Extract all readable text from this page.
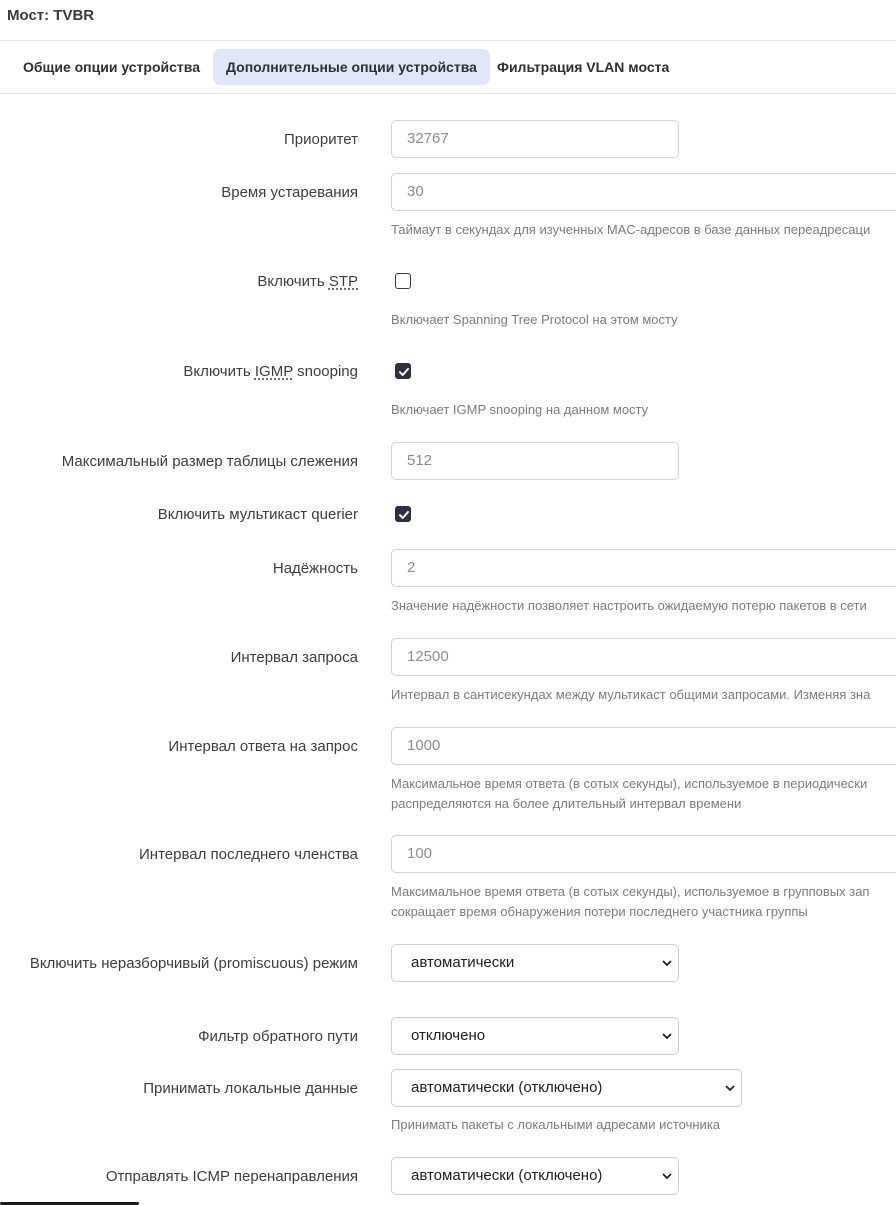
Мост: TVBR
Общие опции устройства	Дополнительные опции устройства	Фильтрация VLAN моста
Приоритет	32767
Время устаревания	30
Таймаут в секундах для изученных MAC-адресов в базе данных переадресаци
Включить STP
Включает Spanning Tree Protocol на этом мосту
Включить IGMP snooping
Включает IGMP snooping на данном мосту
Максимальный размер таблицы слежения	512
Включить мультикаст querier
Надёжность	2
Значение надёжности позволяет настроить ожидаемую потерю пакетов в сети
Интервал запроса	12500
Интервал в сантисекундах между мультикаст общими запросами. Изменяя зна
Интервал ответа на запрос	1000
Максимальное время ответа (в сотых секунды), используемое в периодически
распределяются на более длительный интервал времени
Интервал последнего членства	100
Максимальное время ответа (в сотых секунды), используемое в групповых зап
сокращает время обнаружения потери последнего участника группы
Включить неразборчивый (promiscuous) режим	автоматически
Фильтр обратного пути	отключено
Принимать локальные данные	автоматически (отключено)
Принимать пакеты с локальными адресами источника
Отправлять ICMP перенаправления	автоматически (отключено)
